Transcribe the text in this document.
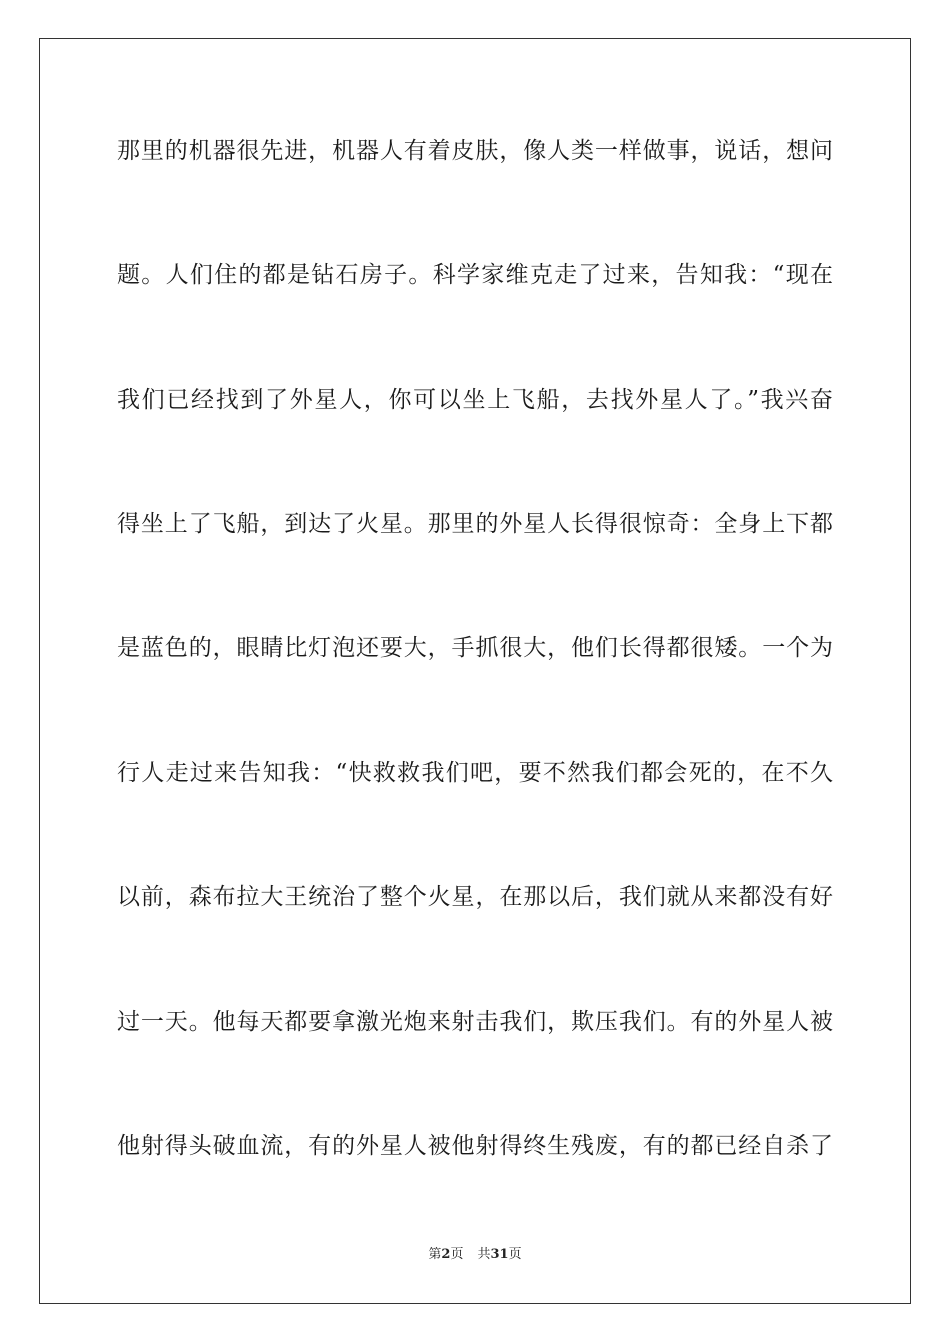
那里的机器很先进，机器人有着皮肤，像人类一样做事，说话，想问
题。人们住的都是钻石房子。科学家维克走了过来，告知我：“现在
我们已经找到了外星人，你可以坐上飞船，去找外星人了。”我兴奋
得坐上了飞船，到达了火星。那里的外星人长得很惊奇：全身上下都
是蓝色的，眼睛比灯泡还要大，手抓很大，他们长得都很矮。一个为
行人走过来告知我：“快救救我们吧，要不然我们都会死的，在不久
以前，森布拉大王统治了整个火星，在那以后，我们就从来都没有好
过一天。他每天都要拿激光炮来射击我们，欺压我们。有的外星人被
他射得头破血流，有的外星人被他射得终生残废，有的都已经自杀了
第2页 共31页
